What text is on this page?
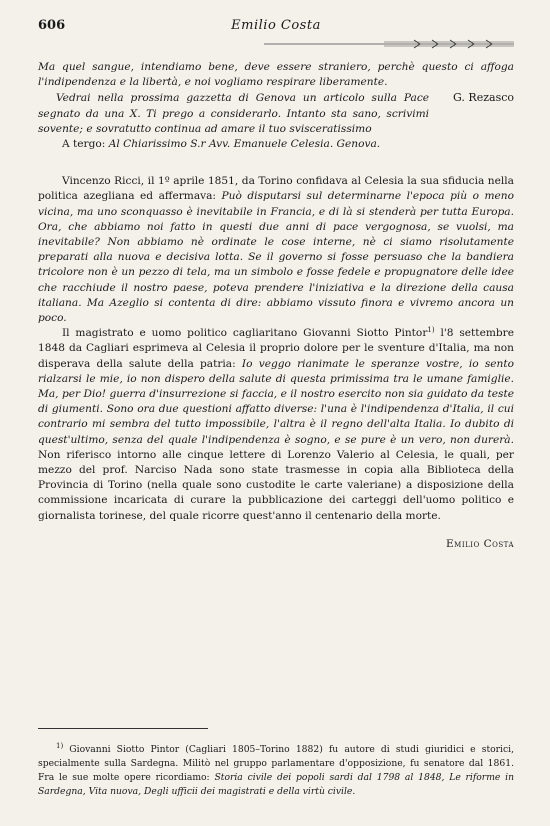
606	Emilio Costa

Ma quel sangue, intendiamo bene, deve essere straniero, perchè questo ci affoga l'indipendenza e la libertà, e noi vogliamo respirare liberamente.

Vedrai nella prossima gazzetta di Genova un articolo sulla Pace segnato da una X. Ti prego a considerarlo. Intanto sta sano, scrivimi sovente; e sovratutto continua ad amare il tuo svisceratissimo
G. Rezasco

A tergo: Al Chiarissimo S.r Avv. Emanuele Celesia. Genova.

Vincenzo Ricci, il 1º aprile 1851, da Torino confidava al Celesia la sua sfiducia nella politica azegliana ed affermava: Può disputarsi sul determinarne l'epoca più o meno vicina, ma uno sconquasso è inevitabile in Francia, e di là si stenderà per tutta Europa. Ora, che abbiamo noi fatto in questi due anni di pace vergognosa, se vuolsi, ma inevitabile? Non abbiamo nè ordinate le cose interne, nè ci siamo risolutamente preparati alla nuova e decisiva lotta. Se il governo si fosse persuaso che la bandiera tricolore non è un pezzo di tela, ma un simbolo e fosse fedele e propugnatore delle idee che racchiude il nostro paese, poteva prendere l'iniziativa e la direzione della causa italiana. Ma Azeglio si contenta di dire: abbiamo vissuto finora e vivremo ancora un poco.

Il magistrato e uomo politico cagliaritano Giovanni Siotto Pintor$^{1)}$ l'8 settembre 1848 da Cagliari esprimeva al Celesia il proprio dolore per le sventure d'Italia, ma non disperava della salute della patria: Io veggo rianimate le speranze vostre, io sento rialzarsi le mie, io non dispero della salute di questa primissima tra le umane famiglie. Ma, per Dio! guerra d'insurrezione si faccia, e il nostro esercito non sia guidato da teste di giumenti. Sono ora due questioni affatto diverse: l'una è l'indipendenza d'Italia, il cui contrario mi sembra del tutto impossibile, l'altra è il regno dell'alta Italia. Io dubito di quest'ultimo, senza del quale l'indipendenza è sogno, e se pure è un vero, non durerà. Non riferisco intorno alle cinque lettere di Lorenzo Valerio al Celesia, le quali, per mezzo del prof. Narciso Nada sono state trasmesse in copia alla Biblioteca della Provincia di Torino (nella quale sono custodite le carte valeriane) a disposizione della commissione incaricata di curare la pubblicazione dei carteggi dell'uomo politico e giornalista torinese, del quale ricorre quest'anno il centenario della morte.

Emilio Costa

$^{1)}$ Giovanni Siotto Pintor (Cagliari 1805–Torino 1882) fu autore di studi giuridici e storici, specialmente sulla Sardegna. Militò nel gruppo parlamentare d'opposizione, fu senatore dal 1861. Fra le sue molte opere ricordiamo: Storia civile dei popoli sardi dal 1798 al 1848, Le riforme in Sardegna, Vita nuova, Degli ufficii dei magistrati e della virtù civile.
